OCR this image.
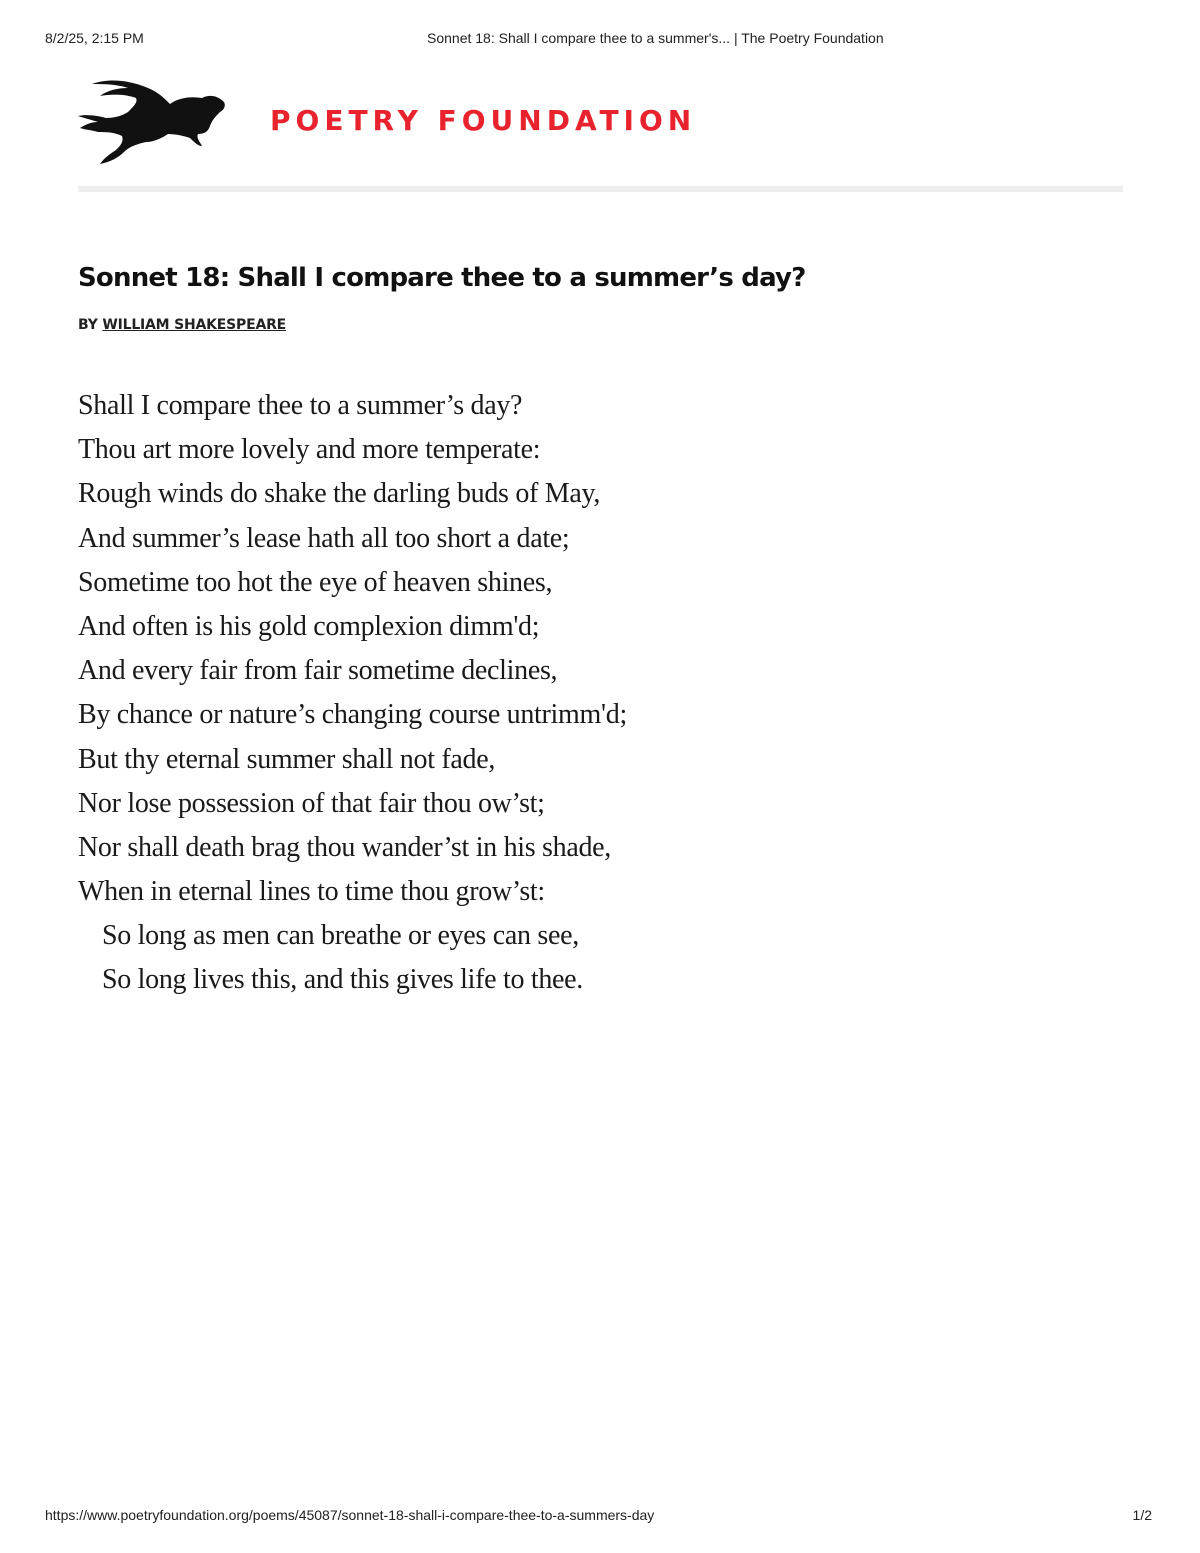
8/2/25, 2:15 PM	Sonnet 18: Shall I compare thee to a summer's... | The Poetry Foundation
POETRY FOUNDATION
Sonnet 18: Shall I compare thee to a summer’s day?
BY WILLIAM SHAKESPEARE
Shall I compare thee to a summer’s day?
Thou art more lovely and more temperate:
Rough winds do shake the darling buds of May,
And summer’s lease hath all too short a date;
Sometime too hot the eye of heaven shines,
And often is his gold complexion dimm'd;
And every fair from fair sometime declines,
By chance or nature’s changing course untrimm'd;
But thy eternal summer shall not fade,
Nor lose possession of that fair thou ow’st;
Nor shall death brag thou wander’st in his shade,
When in eternal lines to time thou grow’st:
So long as men can breathe or eyes can see,
So long lives this, and this gives life to thee.
https://www.poetryfoundation.org/poems/45087/sonnet-18-shall-i-compare-thee-to-a-summers-day	1/2
